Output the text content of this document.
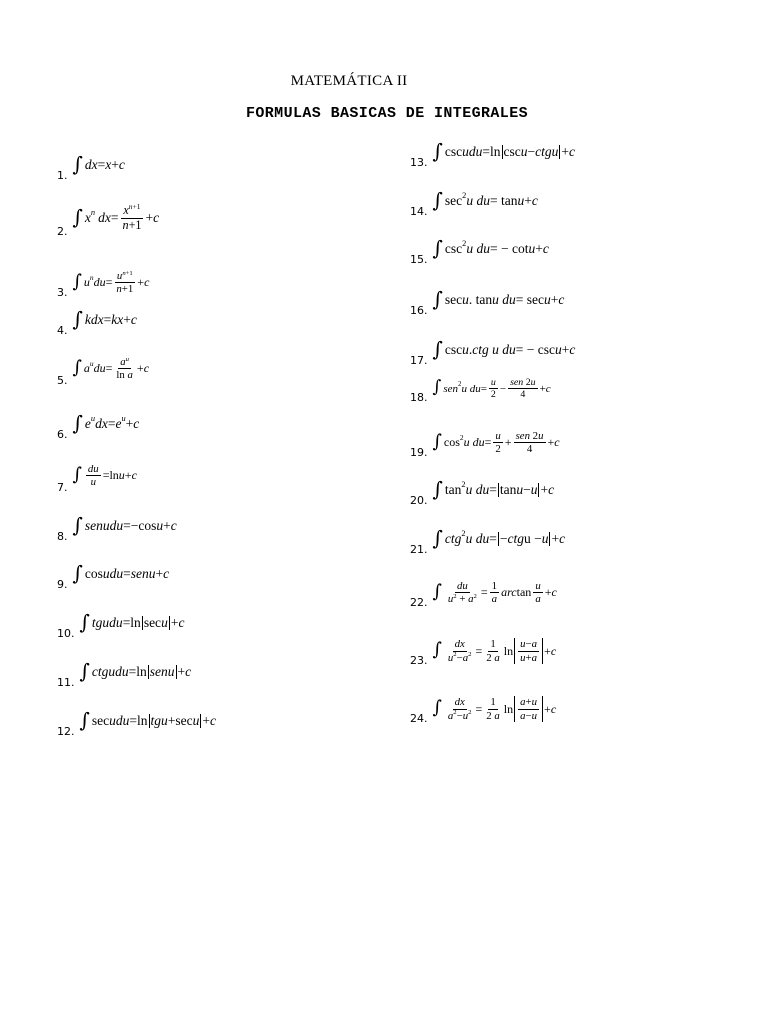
MATEMÁTICA II
FORMULAS BASICAS DE INTEGRALES
1. ∫ dx = x + c
2.
∫ x $^n$ dx = $\frac{x^{n+1}}{n+1} + c$
3.
∫ u $^n$ du = $\frac{u^{n+1}}{n+1} + c$
4. ∫ kdx = kx + c
5.
∫ a $^u$ du = $\frac{a^u}{\text{ln a}} + c$
6. ∫ e $^u$ dx = e $^u$ + c
7.
∫ $\frac{du}{u} =\ln$ u + c
8. ∫ senudu =−cos u + c
9. ∫ cos udu = senu + c
10. ∫ tgudu =ln sec u + c
11. ∫ ctgudu =ln senu + c
12. ∫ sec udu =ln tgu +sec u + c
13. ∫ csc udu =ln csc u − ctgu + c
14. ∫ $\sec^2 u$ du = tan u + c
15. ∫ $\csc^2 u$ du = − cot u + c
16. ∫ sec u . tan u du = sec u + c
17. ∫ csc u . ctg u du = − csc u + c
18. ∫ sen$^2$ u du = $\frac{u}{2} - \frac{\text{sen 2u}}{4} + c$
19.
∫ $\cos^2 u$ du = $\frac{u}{2} + \frac{\text{sen 2u}}{4} + c$
20. ∫ $\tan^2 u$ du =
tan u − u + c
21. ∫ ctg$^2$ u du =
− ctg u − u + c
22.
∫ $\frac{du}{u^2 + a^2} = \frac{1}{a}$ arc $\tan \frac{u}{a} + c$
23.
∫ $\frac{dx}{u^2-a^2} = \frac{1}{2 a}$ $\ln \frac{u-a}{u+a} + c$
24.
∫ $\frac{dx}{a^2-u^2} = \frac{1}{2 a}$ $\ln \frac{a+u}{a-u} + c$
